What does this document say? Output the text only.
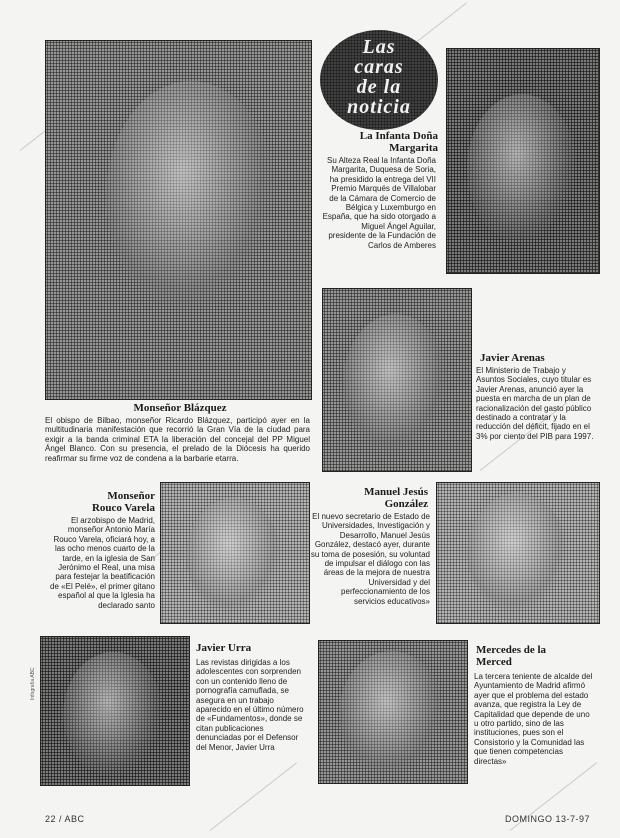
Monseñor Blázquez

El obispo de Bilbao, monseñor Ricardo Blázquez, participó ayer en la multitudinaria manifestación que recorrió la Gran Vía de la ciudad para exigir a la banda criminal ETA la liberación del concejal del PP Miguel Ángel Blanco. Con su presencia, el prelado de la Diócesis ha querido reafirmar su firme voz de condena a la barbarie etarra.

Las
caras
de la
noticia
La Infanta Doña Margarita

Su Alteza Real la Infanta Doña Margarita, Duquesa de Soria, ha presidido la entrega del VII Premio Marqués de Villalobar de la Cámara de Comercio de Bélgica y Luxemburgo en España, que ha sido otorgado a Miguel Ángel Aguilar, presidente de la Fundación de Carlos de Amberes

Javier Arenas

El Ministerio de Trabajo y Asuntos Sociales, cuyo titular es Javier Arenas, anunció ayer la puesta en marcha de un plan de racionalización del gasto público destinado a contratar y la reducción del déficit, fijado en el 3% por ciento del PIB para 1997.

Monseñor Rouco Varela

El arzobispo de Madrid, monseñor Antonio María Rouco Varela, oficiará hoy, a las ocho menos cuarto de la tarde, en la iglesia de San Jerónimo el Real, una misa para festejar la beatificación de «El Pelé», el primer gitano español al que la Iglesia ha declarado santo

Manuel Jesús González

El nuevo secretario de Estado de Universidades, Investigación y Desarrollo, Manuel Jesús González, destacó ayer, durante su toma de posesión, su voluntad de impulsar el diálogo con las áreas de la mejora de nuestra Universidad y del perfeccionamiento de los servicios educativos»

Javier Urra

Las revistas dirigidas a los adolescentes con sorprenden con un contenido lleno de pornografía camuflada, se asegura en un trabajo aparecido en el último número de «Fundamentos», donde se citan publicaciones denunciadas por el Defensor del Menor, Javier Urra

Mercedes de la Merced

La tercera teniente de alcalde del Ayuntamiento de Madrid afirmó ayer que el problema del estado avanza, que registra la Ley de Capitalidad que depende de uno u otro partido, sino de las instituciones, pues son el Consistorio y la Comunidad las que tienen competencias directas»

Infografía ABC
22 / ABC	DOMINGO 13-7-97
